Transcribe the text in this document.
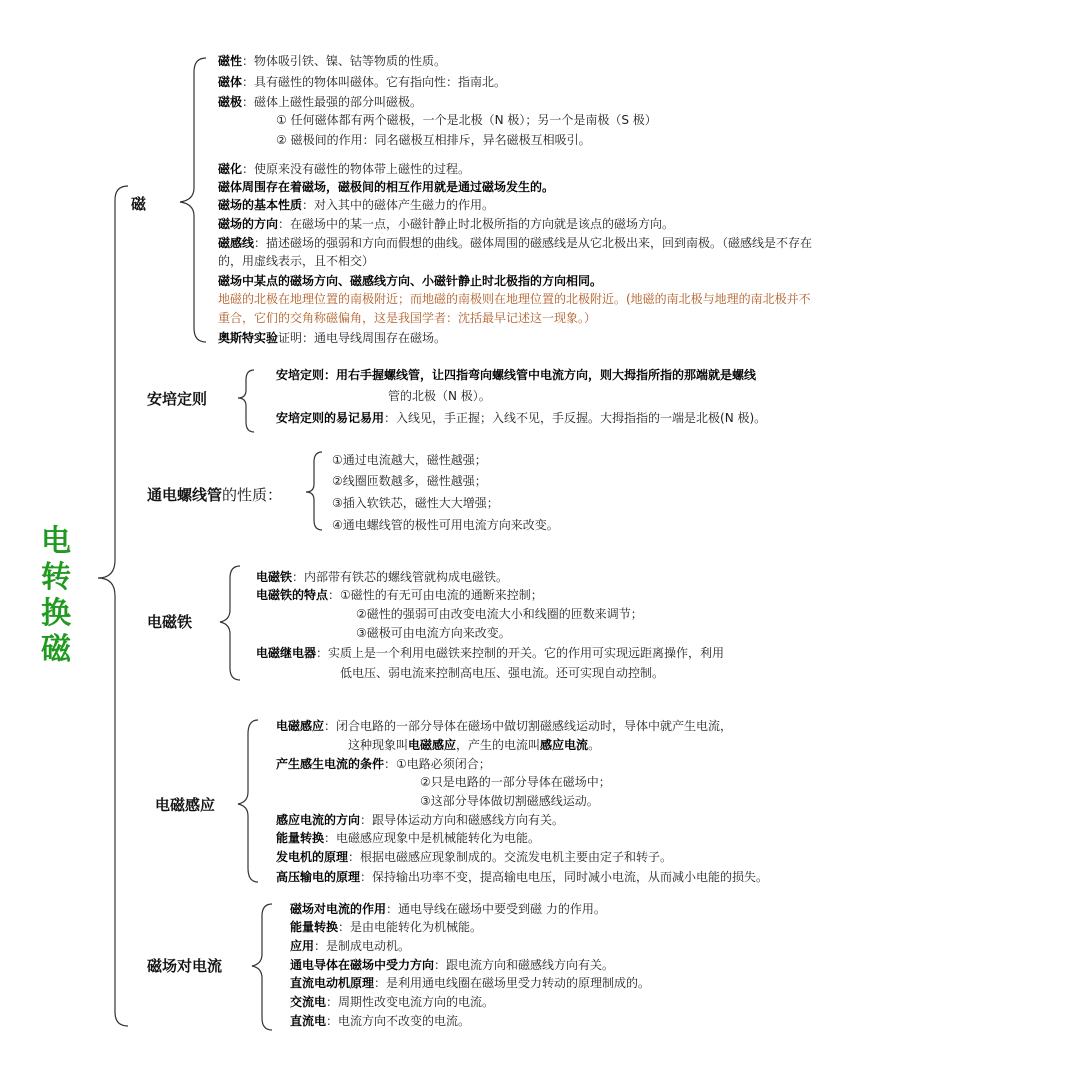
电
转
换
磁
磁
磁性：物体吸引铁、镍、钴等物质的性质。
磁体：具有磁性的物体叫磁体。它有指向性：指南北。
磁极：磁体上磁性最强的部分叫磁极。
① 任何磁体都有两个磁极，一个是北极（N 极）；另一个是南极（S 极）
② 磁极间的作用：同名磁极互相排斥，异名磁极互相吸引。
磁化：使原来没有磁性的物体带上磁性的过程。
磁体周围存在着磁场，磁极间的相互作用就是通过磁场发生的。
磁场的基本性质：对入其中的磁体产生磁力的作用。
磁场的方向：在磁场中的某一点，小磁针静止时北极所指的方向就是该点的磁场方向。
磁感线：描述磁场的强弱和方向而假想的曲线。磁体周围的磁感线是从它北极出来，回到南极。（磁感线是不存在
的，用虚线表示，且不相交）
磁场中某点的磁场方向、磁感线方向、小磁针静止时北极指的方向相同。
地磁的北极在地理位置的南极附近；而地磁的南极则在地理位置的北极附近。(地磁的南北极与地理的南北极并不
重合，它们的交角称磁偏角，这是我国学者：沈括最早记述这一现象。）
奥斯特实验证明：通电导线周围存在磁场。
安培定则
安培定则：用右手握螺线管，让四指弯向螺线管中电流方向，则大拇指所指的那端就是螺线
管的北极（N 极）。
安培定则的易记易用：入线见，手正握；入线不见，手反握。大拇指指的一端是北极(N 极)。
通电螺线管的性质：
①通过电流越大，磁性越强；
②线圈匝数越多，磁性越强；
③插入软铁芯，磁性大大增强；
④通电螺线管的极性可用电流方向来改变。
电磁铁
电磁铁：内部带有铁芯的螺线管就构成电磁铁。
电磁铁的特点：①磁性的有无可由电流的通断来控制；
②磁性的强弱可由改变电流大小和线圈的匝数来调节；
③磁极可由电流方向来改变。
电磁继电器：实质上是一个利用电磁铁来控制的开关。它的作用可实现远距离操作，利用
低电压、弱电流来控制高电压、强电流。还可实现自动控制。
电磁感应
电磁感应：闭合电路的一部分导体在磁场中做切割磁感线运动时，导体中就产生电流，
这种现象叫电磁感应，产生的电流叫感应电流。
产生感生电流的条件：①电路必须闭合；
②只是电路的一部分导体在磁场中；
③这部分导体做切割磁感线运动。
感应电流的方向：跟导体运动方向和磁感线方向有关。
能量转换：电磁感应现象中是机械能转化为电能。
发电机的原理：根据电磁感应现象制成的。交流发电机主要由定子和转子。
高压输电的原理：保持输出功率不变，提高输电电压，同时减小电流，从而减小电能的损失。
磁场对电流
磁场对电流的作用：通电导线在磁场中要受到磁 力的作用。
能量转换：是由电能转化为机械能。
应用：是制成电动机。
通电导体在磁场中受力方向：跟电流方向和磁感线方向有关。
直流电动机原理：是利用通电线圈在磁场里受力转动的原理制成的。
交流电：周期性改变电流方向的电流。
直流电：电流方向不改变的电流。
